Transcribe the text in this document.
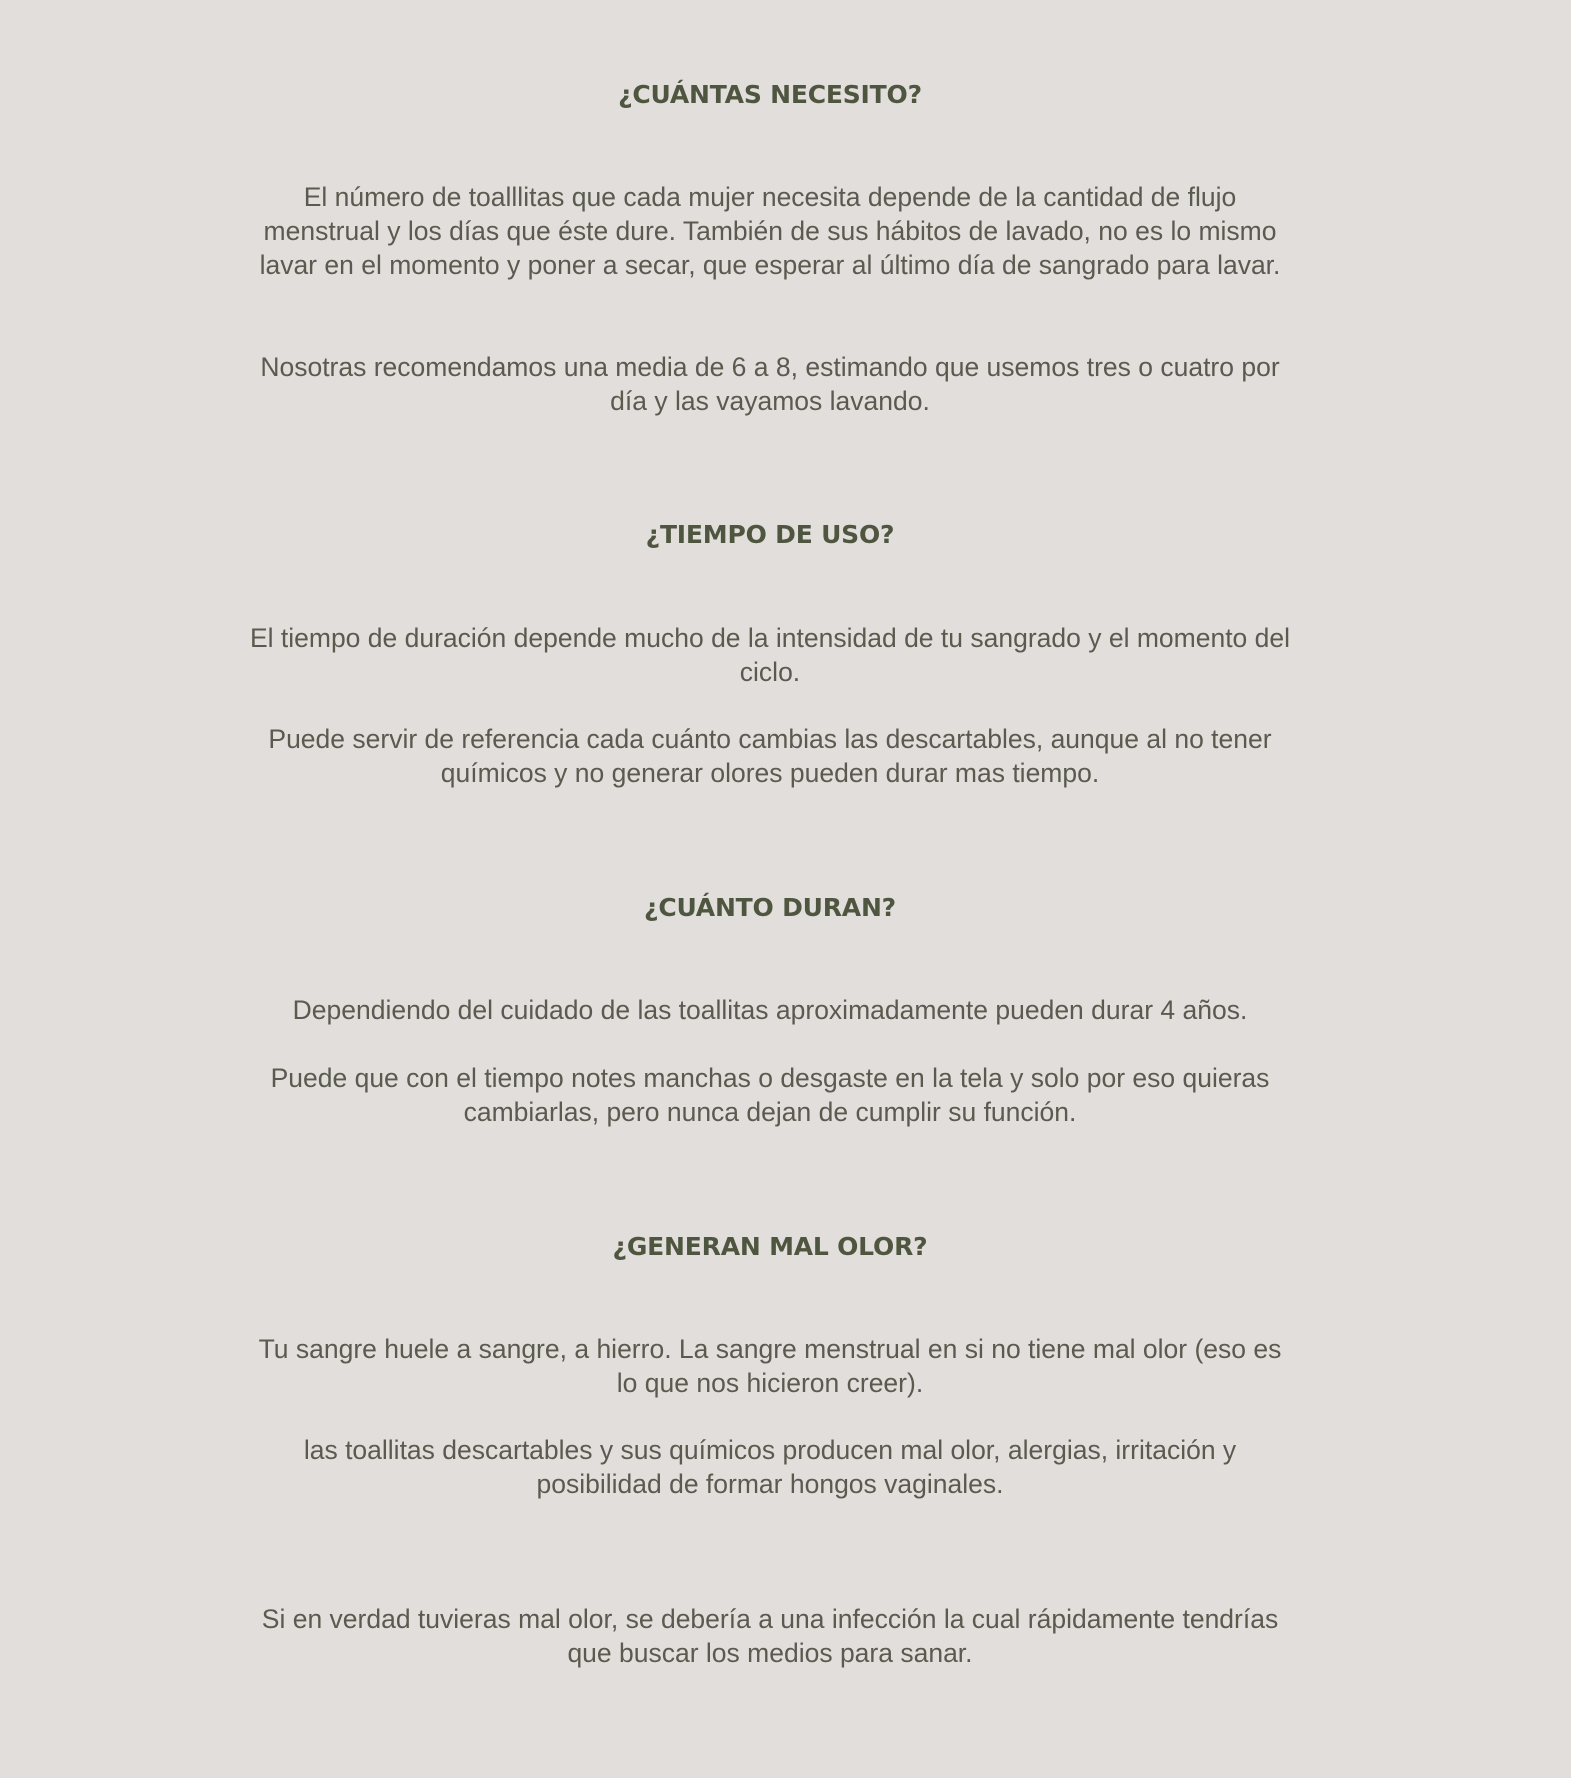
¿CUÁNTAS NECESITO?

El número de toalllitas que cada mujer necesita depende de la cantidad de flujo menstrual y los días que éste dure. También de sus hábitos de lavado, no es lo mismo lavar en el momento y poner a secar, que esperar al último día de sangrado para lavar.

Nosotras recomendamos una media de 6 a 8, estimando que usemos tres o cuatro por día y las vayamos lavando.

¿TIEMPO DE USO?

El tiempo de duración depende mucho de la intensidad de tu sangrado y el momento del ciclo.

Puede servir de referencia cada cuánto cambias las descartables, aunque al no tener químicos y no generar olores pueden durar mas tiempo.

¿CUÁNTO DURAN?

Dependiendo del cuidado de las toallitas aproximadamente pueden durar 4 años.

Puede que con el tiempo notes manchas o desgaste en la tela y solo por eso quieras cambiarlas, pero nunca dejan de cumplir su función.

¿GENERAN MAL OLOR?

Tu sangre huele a sangre, a hierro. La sangre menstrual en si no tiene mal olor (eso es lo que nos hicieron creer).

las toallitas descartables y sus químicos producen mal olor, alergias, irritación y posibilidad de formar hongos vaginales.

Si en verdad tuvieras mal olor, se debería a una infección la cual rápidamente tendrías que buscar los medios para sanar.
